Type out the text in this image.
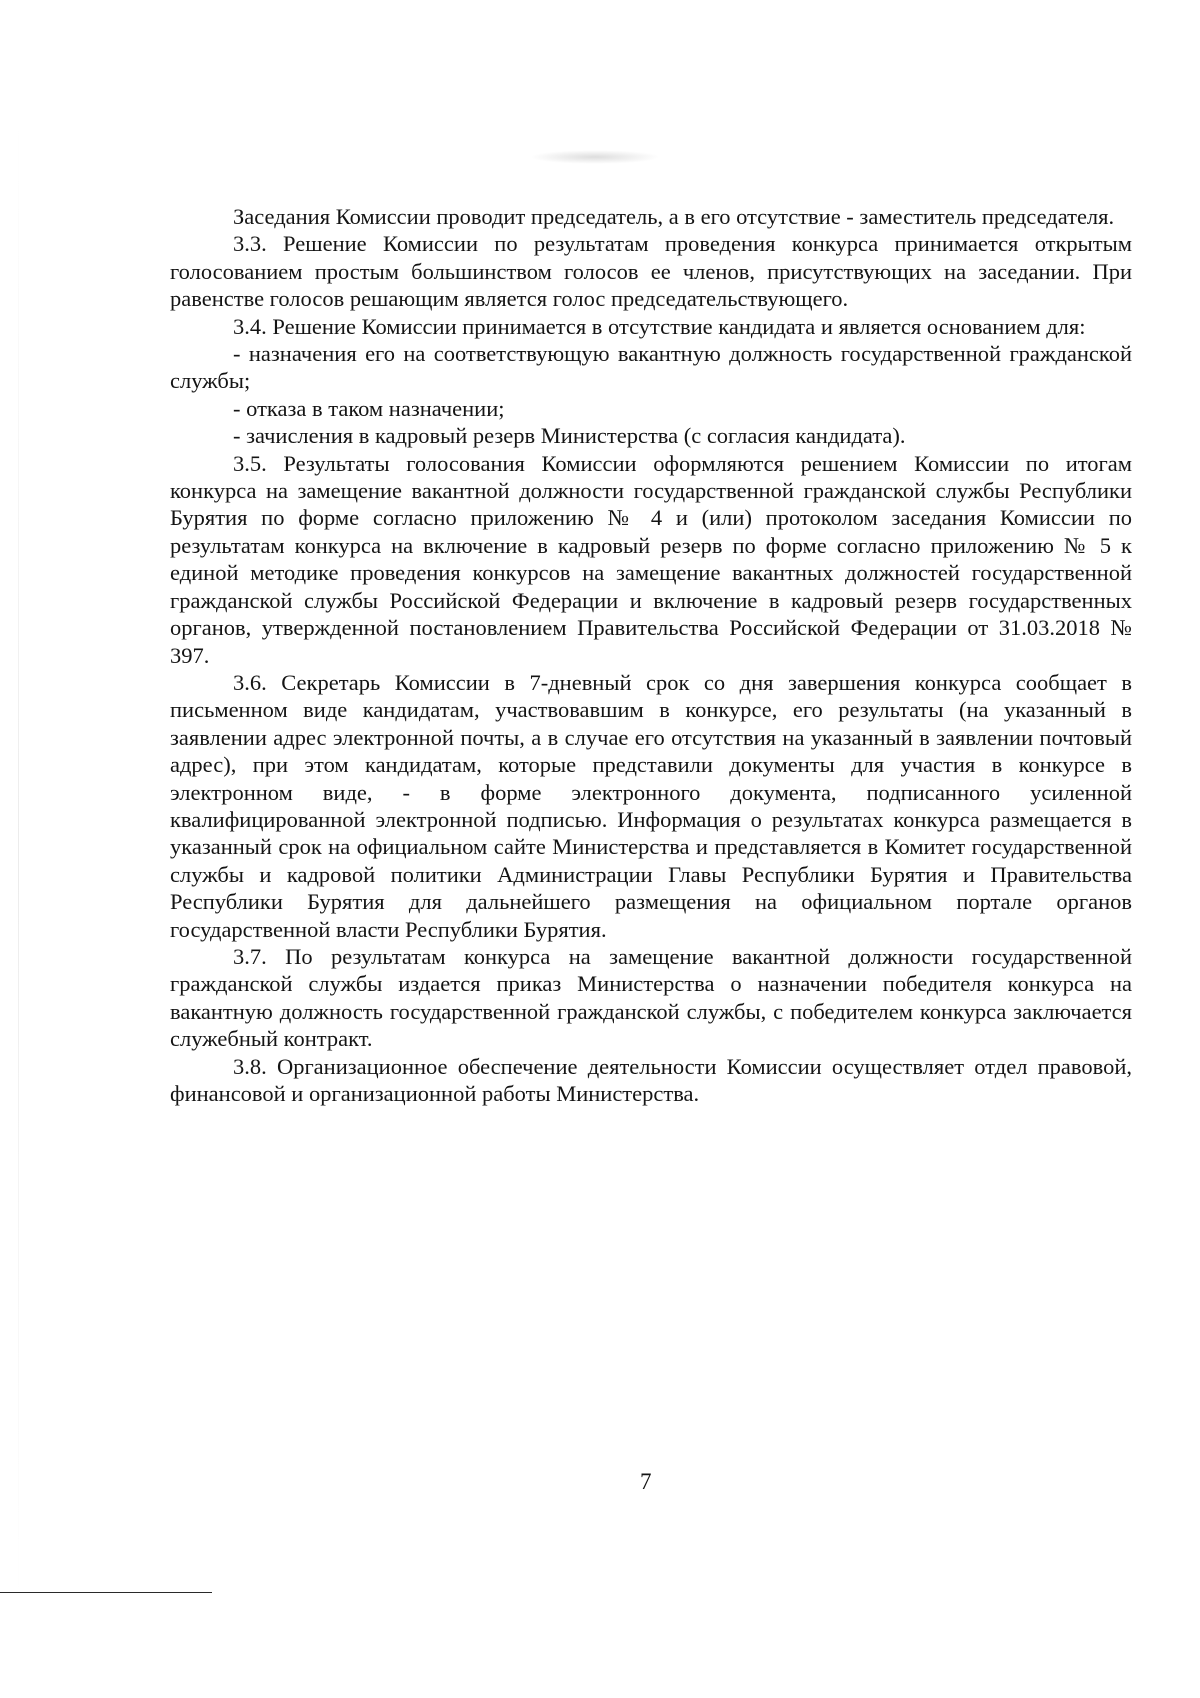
Заседания Комиссии проводит председатель, а в его отсутствие - заместитель председателя.

3.3. Решение Комиссии по результатам проведения конкурса принимается открытым голосованием простым большинством голосов ее членов, присутствующих на заседании. При равенстве голосов решающим является голос председательствующего.

3.4. Решение Комиссии принимается в отсутствие кандидата и является основанием для:

- назначения его на соответствующую вакантную должность государственной гражданской службы;

- отказа в таком назначении;

- зачисления в кадровый резерв Министерства (с согласия кандидата).

3.5. Результаты голосования Комиссии оформляются решением Комиссии по итогам конкурса на замещение вакантной должности государственной гражданской службы Республики Бурятия по форме согласно приложению № 4 и (или) протоколом заседания Комиссии по результатам конкурса на включение в кадровый резерв по форме согласно приложению № 5 к единой методике проведения конкурсов на замещение вакантных должностей государственной гражданской службы Российской Федерации и включение в кадровый резерв государственных органов, утвержденной постановлением Правительства Российской Федерации от 31.03.2018 № 397.

3.6. Секретарь Комиссии в 7-дневный срок со дня завершения конкурса сообщает в письменном виде кандидатам, участвовавшим в конкурсе, его результаты (на указанный в заявлении адрес электронной почты, а в случае его отсутствия на указанный в заявлении почтовый адрес), при этом кандидатам, которые представили документы для участия в конкурсе в электронном виде, - в форме электронного документа, подписанного усиленной квалифицированной электронной подписью. Информация о результатах конкурса размещается в указанный срок на официальном сайте Министерства и представляется в Комитет государственной службы и кадровой политики Администрации Главы Республики Бурятия и Правительства Республики Бурятия для дальнейшего размещения на официальном портале органов государственной власти Республики Бурятия.

3.7. По результатам конкурса на замещение вакантной должности государственной гражданской службы издается приказ Министерства о назначении победителя конкурса на вакантную должность государственной гражданской службы, с победителем конкурса заключается служебный контракт.

3.8. Организационное обеспечение деятельности Комиссии осуществляет отдел правовой, финансовой и организационной работы Министерства.

7
